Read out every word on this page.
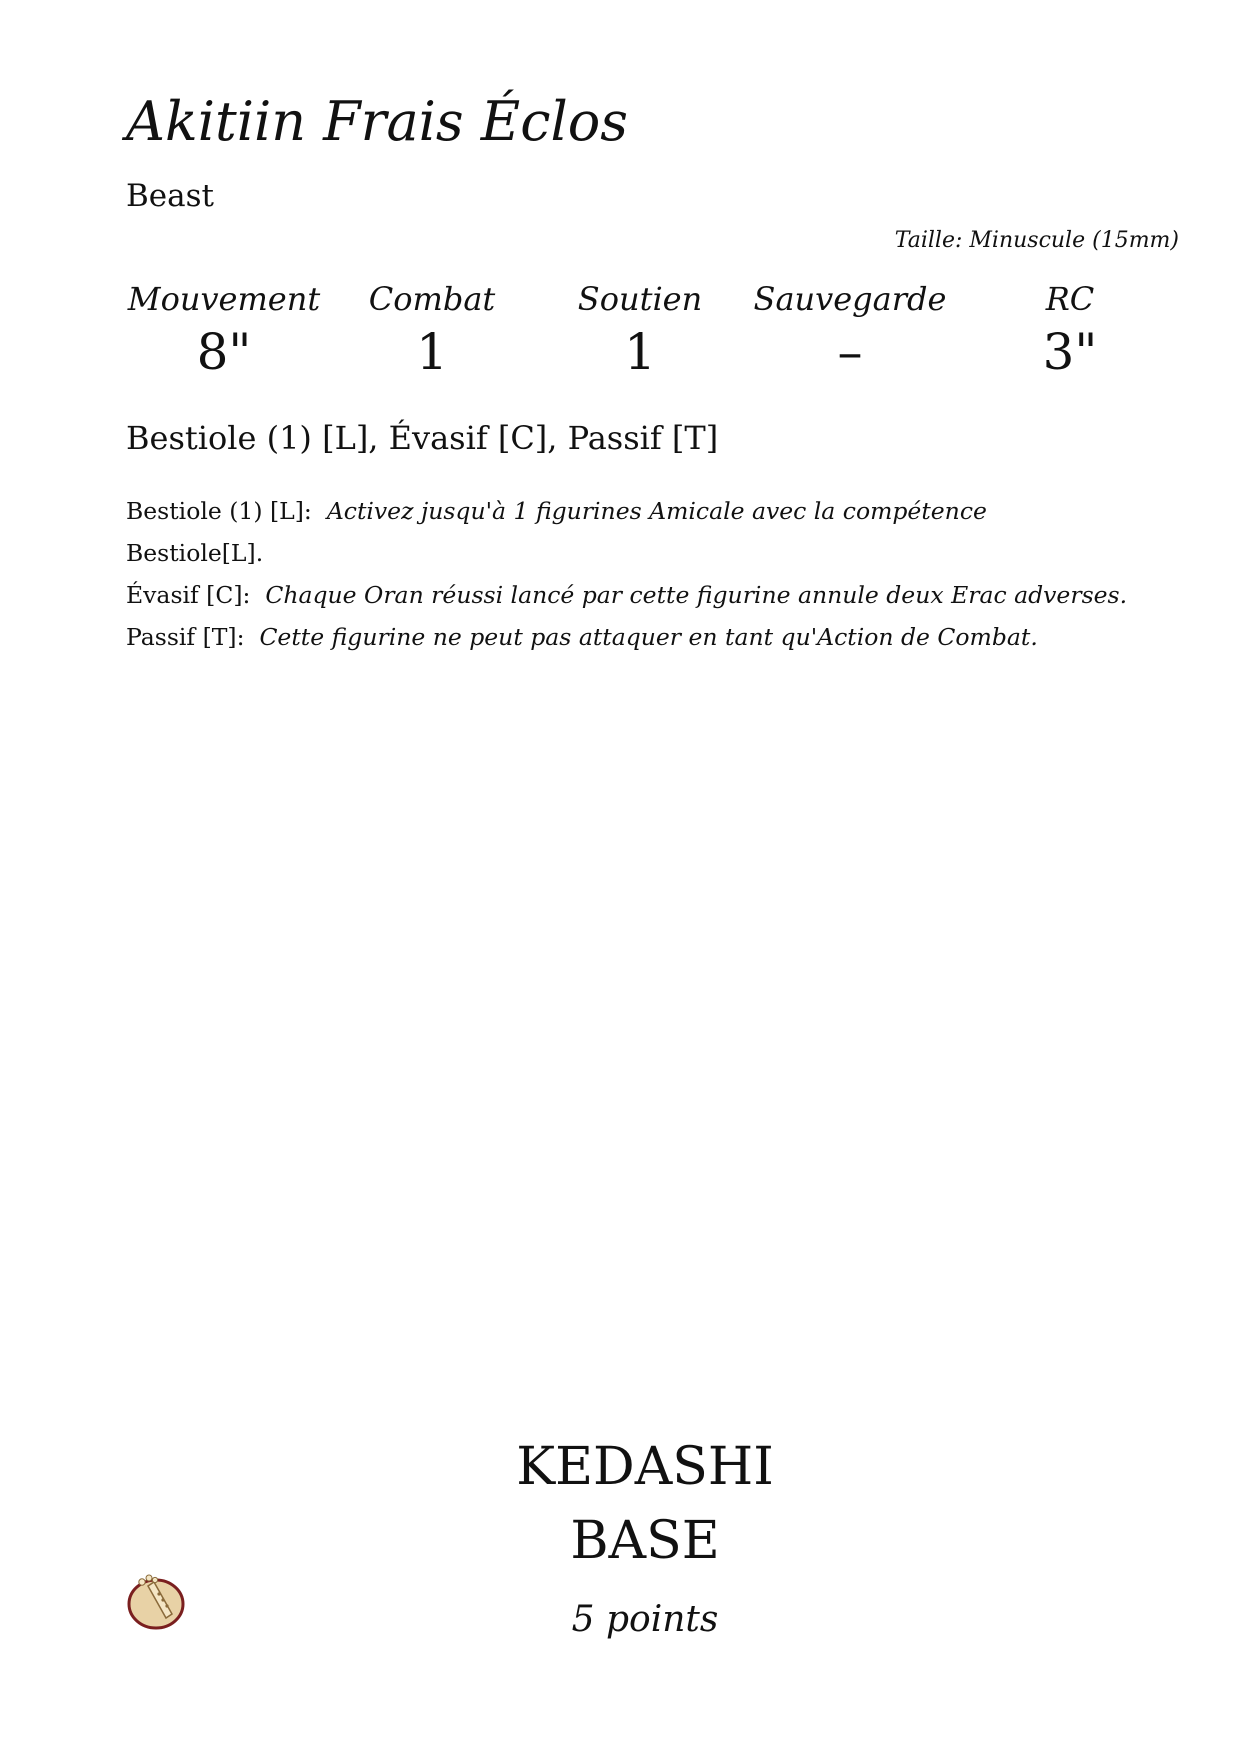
Akitiin Frais Éclos
Beast
Taille: Minuscule (15mm)
Mouvement
8"
Combat
1
Soutien
1
Sauvegarde
–
RC
3"
Bestiole (1) [L], Évasif [C], Passif [T]
Bestiole (1) [L]: Activez jusqu'à 1 figurines Amicale avec la compétence
Bestiole[L].
Évasif [C]: Chaque Oran réussi lancé par cette figurine annule deux Erac adverses.
Passif [T]: Cette figurine ne peut pas attaquer en tant qu'Action de Combat.
KEDASHI
BASE
5 points
